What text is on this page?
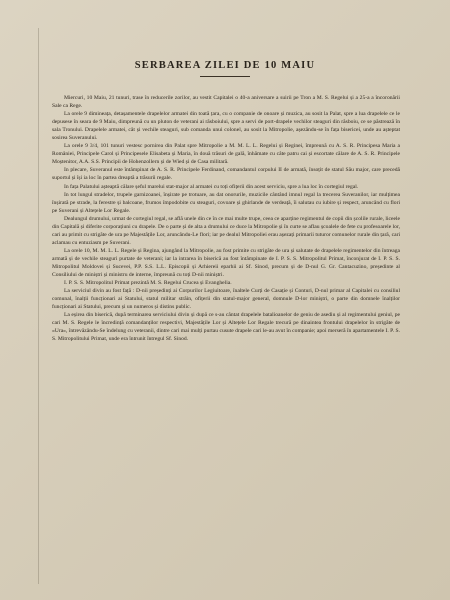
SERBAREA ZILEI DE 10 MAIU

Miercuri, 10 Maiu, 21 tunuri, trase în reducerile zorilor, au vestit Capitalei o 40-a aniversare a suirii pe Tron a M. S. Regelui și a 25-a a încoronării Sale ca Rege.

La orele 9 dimineața, detașamentele drapelelor armatei din toată țara, cu o companie de onoare și muzica, au sosit la Palat, spre a lua drapelele ce le depusese în seara de 9 Maiu, dimpreună cu un pluton de veterani ai răsboiului, spre a servi de port-drapele vechilor steaguri din răsboiu, ce se păstrează în sala Tronului. Drapelele armatei, cât și vechile steaguri, sub comanda unui colonel, au sosit la Mitropolie, așezându-se în fața bisericei, unde au așteptat sosirea Suveranului.

La orele 9 3/4, 101 tunuri vestesc pornirea din Palat spre Mitropolie a M. M. L. L. Regelui și Reginei, împreună cu A. S. R. Principesa Maria a României, Principele Carol și Principesele Elisabeta și Maria, în două trăsuri de gală, înhămate cu câte patru cai și escortate călare de A. S. R. Principele Moștenitor, A.A. S.S. Principii de Hohenzollern și de Wied și de Casa militară.

In plecare, Suveranul este întâmpinat de A. S. R. Principele Ferdinand, comandantul corpului II de armată, însoțit de statul Său major, care precedă suportul și își ia loc în partea dreaptă a trăsurii regale.

In fața Palatului așteaptă călare șeful marelui stat-major al armatei cu toți ofițerii din acest serviciu, spre a lua loc în cortegiul regal.

In tot lungul stradelor, trupele garnizoanei, înșirate pe trotuare, au dat onorurile, muzicile cântând imnul regal la trecerea Suveranilor, iar mulțimea înșirată pe strade, la ferestre și balcoane, frumos împodobite cu steaguri, covoare și ghirlande de verdeață, îi salutau cu iubire și respect, aruncând cu flori pe Suverani și Altețele Lor Regale.

Dealungul drumului, urmat de cortegiul regal, se află unele din ce în ce mai multe trupe, ceea ce aparține regimentul de copii din școlile rurale, liceele din Capitală și diferite corporațiuni cu drapele. De o parte și de alta a drumului ce duce la Mitropolie și în curte se aflau școalele de fete cu profesoarele lor, cari au primit cu strigăte de ura pe Majestățile Lor, aruncându-Le flori; iar pe dealul Mitropoliei erau așezați primarii tuturor comunelor rurale din țară, cari aclamau cu entuziasm pe Suverani.

La orele 10, M. M. L. L. Regele și Regina, ajungând la Mitropolie, au fost primite cu strigăte de ura și salutate de drapelele regimentelor din întreaga armată și de vechile steaguri purtate de veterani; iar la intrarea în biserică au fost întâmpinate de I. P. S. S. Mitropolitul Primat, înconjurat de I. P. S. S. Mitropolitul Moldovei și Sucevei, P.P. S.S. L.L. Episcopii și Arhiereii eparhii ai Sf. Sinod, precum și de D-nul G. Gr. Cantacuzino, președinte al Consiliului de miniștri și ministru de interne, împreună cu toți D-nii miniștri.

I. P. S. S. Mitropolitul Primat prezintă M. S. Regelui Crucea și Evanghelia.

La serviciul divin au fost față : D-nii președinți ai Corpurilor Legiuitoare, înaltele Curți de Casație și Conturi, D-nul primar al Capitalei cu consiliul comunal, înalții funcționari ai Statului, statul militar străin, ofițerii din statul-major general, domnule D-lor miniștri, o parte din domnele înalților funcționari ai Statului, precum și un numeros și distins public.

La eșirea din biserică, după terminarea serviciului divin și după ce s-au cântat drapelele batalioanelor de geniu de asediu și al regimentului geniul, pe cari M. S. Regele le încredință comandanților respectivi, Majestățile Lor și Altețele Lor Regale trecură pe dinaintea frontului drapelelor în strigăte de «Ura», întrevăzându-Se îndelung cu veteranii, dintre cari mai mulți purtau cusute drapele cari le-au avut în companie; apoi merseră în apartamentele I. P. S. S. Mitropolitului Primat, unde era întrunit întregul Sf. Sinod.
